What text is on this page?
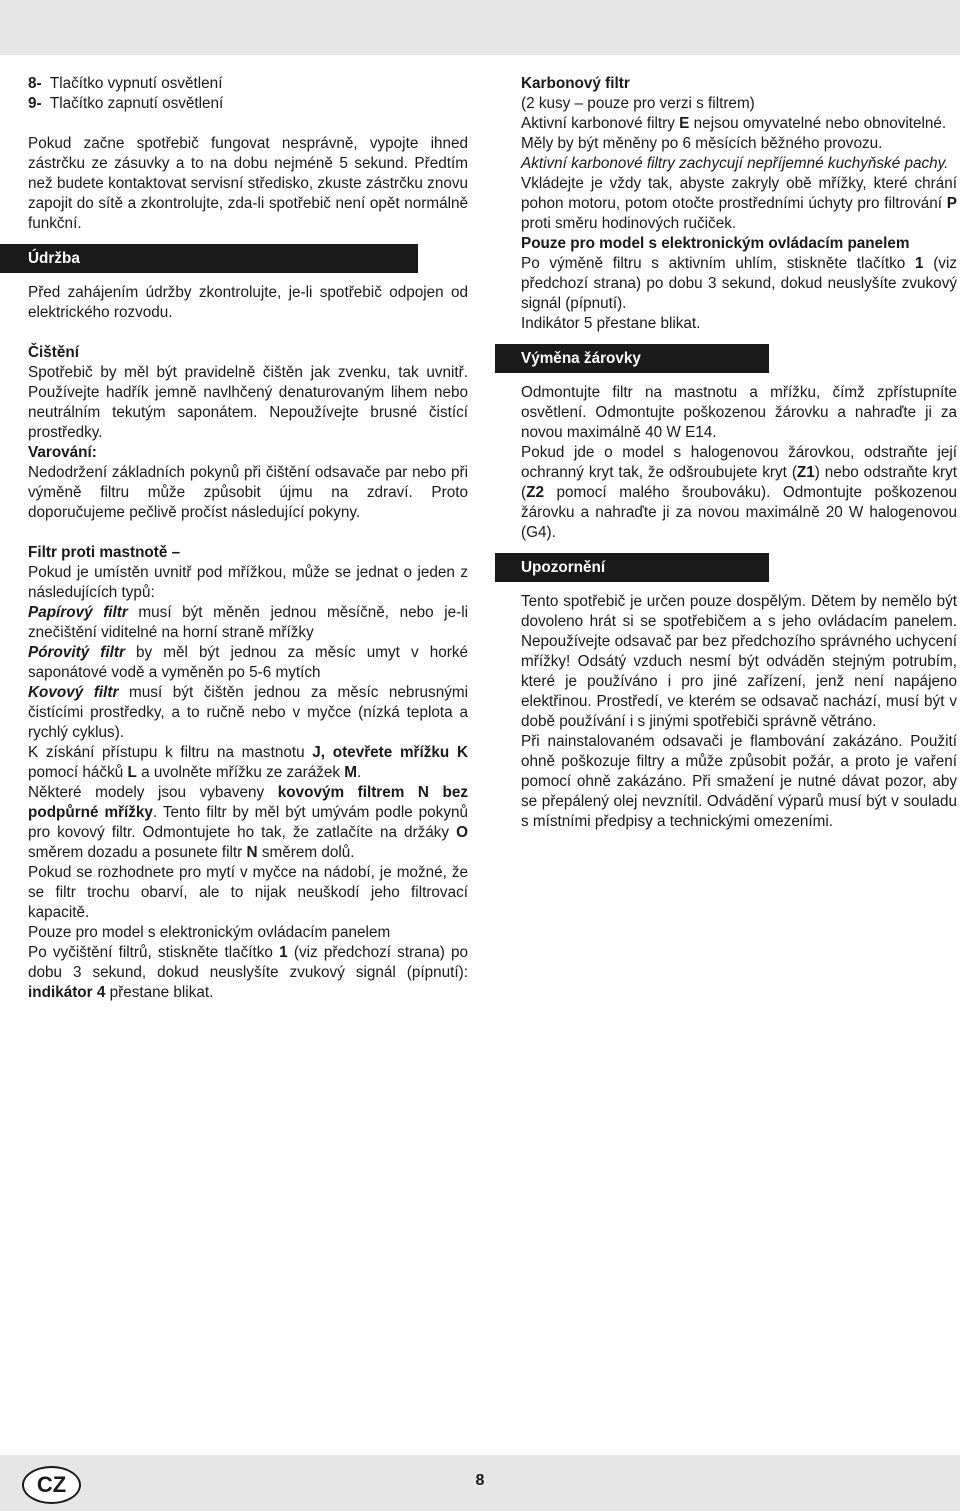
8- Tlačítko vypnutí osvětlení

9- Tlačítko zapnutí osvětlení

Pokud začne spotřebič fungovat nesprávně, vypojte ihned zástrčku ze zásuvky a to na dobu nejméně 5 sekund. Předtím než budete kontaktovat servisní středisko, zkuste zástrčku znovu zapojit do sítě a zkontrolujte, zda-li spotřebič není opět normálně funkční.

Údržba

Před zahájením údržby zkontrolujte, je-li spotřebič odpojen od elektrického rozvodu.

Čištění

Spotřebič by měl být pravidelně čištěn jak zvenku, tak uvnitř. Používejte hadřík jemně navlhčený denaturovaným lihem nebo neutrálním tekutým saponátem. Nepoužívejte brusné čistící prostředky.

Varování:

Nedodržení základních pokynů při čištění odsavače par nebo při výměně filtru může způsobit újmu na zdraví. Proto doporučujeme pečlivě pročíst následující pokyny.

Filtr proti mastnotě –

Pokud je umístěn uvnitř pod mřížkou, může se jednat o jeden z následujících typů:

Papírový filtr musí být měněn jednou měsíčně, nebo je-li znečištění viditelné na horní straně mřížky

Pórovitý filtr by měl být jednou za měsíc umyt v horké saponátové vodě a vyměněn po 5-6 mytích

Kovový filtr musí být čištěn jednou za měsíc nebrusnými čistícími prostředky, a to ručně nebo v myčce (nízká teplota a rychlý cyklus).

K získání přístupu k filtru na mastnotu J, otevřete mřížku K pomocí háčků L a uvolněte mřížku ze zarážek M.

Některé modely jsou vybaveny kovovým filtrem N bez podpůrné mřížky. Tento filtr by měl být umývám podle pokynů pro kovový filtr. Odmontujete ho tak, že zatlačíte na držáky O směrem dozadu a posunete filtr N směrem dolů.

Pokud se rozhodnete pro mytí v myčce na nádobí, je možné, že se filtr trochu obarví, ale to nijak neuškodí jeho filtrovací kapacitě.

Pouze pro model s elektronickým ovládacím panelem

Po vyčištění filtrů, stiskněte tlačítko 1 (viz předchozí strana) po dobu 3 sekund, dokud neuslyšíte zvukový signál (pípnutí): indikátor 4 přestane blikat.

Karbonový filtr

(2 kusy – pouze pro verzi s filtrem)

Aktivní karbonové filtry E nejsou omyvatelné nebo obnovitelné.

Měly by být měněny po 6 měsících běžného provozu.

Aktivní karbonové filtry zachycují nepříjemné kuchyňské pachy.

Vkládejte je vždy tak, abyste zakryly obě mřížky, které chrání pohon motoru, potom otočte prostředními úchyty pro filtrování P proti směru hodinových ručiček.

Pouze pro model s elektronickým ovládacím panelem

Po výměně filtru s aktivním uhlím, stiskněte tlačítko 1 (viz předchozí strana) po dobu 3 sekund, dokud neuslyšíte zvukový signál (pípnutí).

Indikátor 5 přestane blikat.

Výměna žárovky

Odmontujte filtr na mastnotu a mřížku, čímž zpřístupníte osvětlení. Odmontujte poškozenou žárovku a nahraďte ji za novou maximálně 40 W E14.

Pokud jde o model s halogenovou žárovkou, odstraňte její ochranný kryt tak, že odšroubujete kryt (Z1) nebo odstraňte kryt (Z2 pomocí malého šroubováku). Odmontujte poškozenou žárovku a nahraďte ji za novou maximálně 20 W halogenovou (G4).

Upozornění

Tento spotřebič je určen pouze dospělým. Dětem by nemělo být dovoleno hrát si se spotřebičem a s jeho ovládacím panelem. Nepoužívejte odsavač par bez předchozího správného uchycení mřížky! Odsátý vzduch nesmí být odváděn stejným potrubím, které je používáno i pro jiné zařízení, jenž není napájeno elektřinou. Prostředí, ve kterém se odsavač nachází, musí být v době používání i s jinými spotřebiči správně větráno.

Při nainstalovaném odsavači je flambování zakázáno. Použití ohně poškozuje filtry a může způsobit požár, a proto je vaření pomocí ohně zakázáno. Při smažení je nutné dávat pozor, aby se přepálený olej nevznítil. Odvádění výparů musí být v souladu s místními předpisy a technickými omezeními.

CZ	8
